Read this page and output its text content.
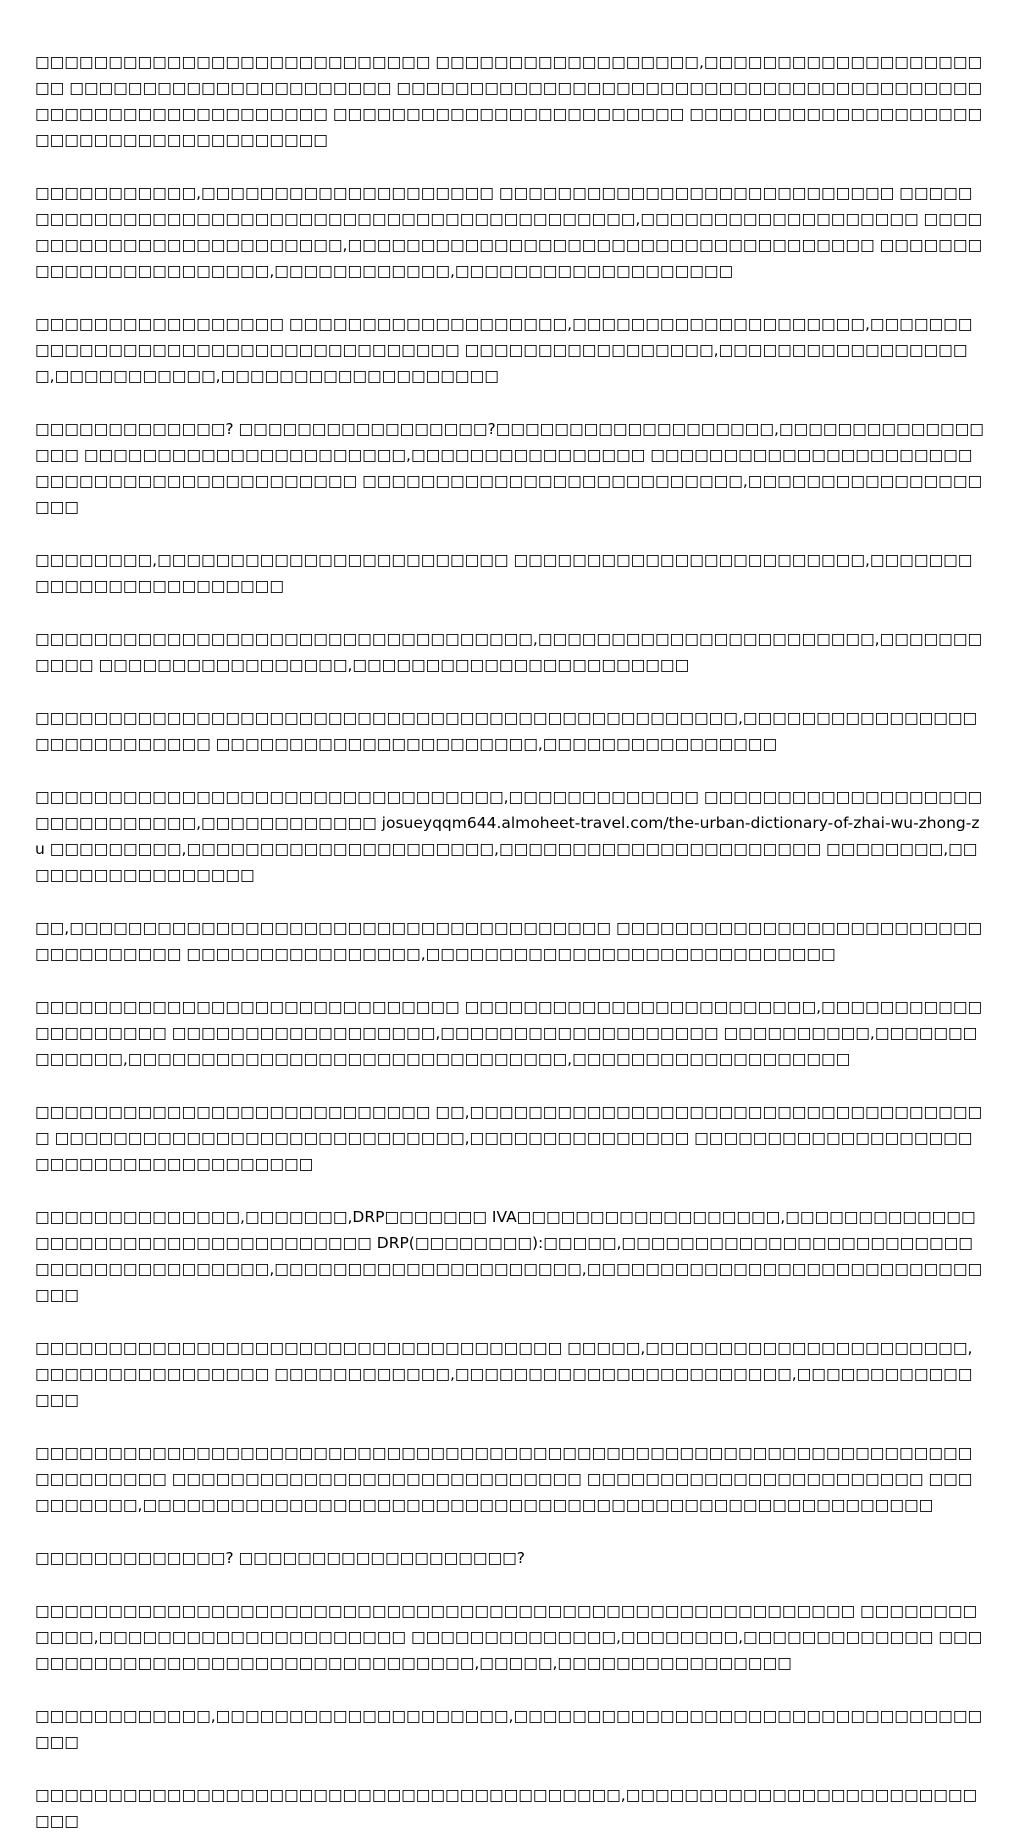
□□□□□□□□□□□□□□□□□□□□□□□□□□□ □□□□□□□□□□□□□□□□□□,□□□□□□□□□□□□□□□□□□□□□ □□□□□□□□□□□□□□□□□□□□□□ □□□□□□□□□□□□□□□□□□□□□□□□□□□□□□□□□□□□□□□□□□□□□□□□□□□□□□□□□□□□ □□□□□□□□□□□□□□□□□□□□□□□□ □□□□□□□□□□□□□□□□□□□□□□□□□□□□□□□□□□□□□□□□

□□□□□□□□□□□,□□□□□□□□□□□□□□□□□□□□ □□□□□□□□□□□□□□□□□□□□□□□□□□□ □□□□□□□□□□□□□□□□□□□□□□□□□□□□□□□□□□□□□□□□□□□□□□,□□□□□□□□□□□□□□□□□□□ □□□□□□□□□□□□□□□□□□□□□□□□□,□□□□□□□□□□□□□□□□□□□□□□□□□□□□□□□□□□□□ □□□□□□□□□□□□□□□□□□□□□□□,□□□□□□□□□□□□,□□□□□□□□□□□□□□□□□□□

□□□□□□□□□□□□□□□□□ □□□□□□□□□□□□□□□□□□□,□□□□□□□□□□□□□□□□□□□□,□□□□□□□□□□□□□□□□□□□□□□□□□□□□□□□□□□□□ □□□□□□□□□□□□□□□□□,□□□□□□□□□□□□□□□□□□,□□□□□□□□□□□,□□□□□□□□□□□□□□□□□□□

□□□□□□□□□□□□□? □□□□□□□□□□□□□□□□□?□□□□□□□□□□□□□□□□□□□,□□□□□□□□□□□□□□□□□ □□□□□□□□□□□□□□□□□□□□□□,□□□□□□□□□□□□□□□□ □□□□□□□□□□□□□□□□□□□□□□□□□□□□□□□□□□□□□□□□□□□□ □□□□□□□□□□□□□□□□□□□□□□□□□□,□□□□□□□□□□□□□□□□□□□

□□□□□□□□,□□□□□□□□□□□□□□□□□□□□□□□□ □□□□□□□□□□□□□□□□□□□□□□□□,□□□□□□□□□□□□□□□□□□□□□□□□

□□□□□□□□□□□□□□□□□□□□□□□□□□□□□□□□□□,□□□□□□□□□□□□□□□□□□□□□□□,□□□□□□□□□□□ □□□□□□□□□□□□□□□□□,□□□□□□□□□□□□□□□□□□□□□□□

□□□□□□□□□□□□□□□□□□□□□□□□□□□□□□□□□□□□□□□□□□□□□□□□,□□□□□□□□□□□□□□□□□□□□□□□□□□□□ □□□□□□□□□□□□□□□□□□□□□□,□□□□□□□□□□□□□□□□

□□□□□□□□□□□□□□□□□□□□□□□□□□□□□□□□,□□□□□□□□□□□□□ □□□□□□□□□□□□□□□□□□□□□□□□□□□□□□,□□□□□□□□□□□□ josueyqqm644.almoheet-travel.com/the-urban-dictionary-of-zhai-wu-zhong-zu □□□□□□□□□,□□□□□□□□□□□□□□□□□□□□□,□□□□□□□□□□□□□□□□□□□□□□ □□□□□□□□,□□□□□□□□□□□□□□□□□

□□,□□□□□□□□□□□□□□□□□□□□□□□□□□□□□□□□□□□□□ □□□□□□□□□□□□□□□□□□□□□□□□□□□□□□□□□□□ □□□□□□□□□□□□□□□□,□□□□□□□□□□□□□□□□□□□□□□□□□□□□

□□□□□□□□□□□□□□□□□□□□□□□□□□□□□ □□□□□□□□□□□□□□□□□□□□□□□□,□□□□□□□□□□□□□□□□□□□□ □□□□□□□□□□□□□□□□□□,□□□□□□□□□□□□□□□□□□□ □□□□□□□□□□,□□□□□□□□□□□□□,□□□□□□□□□□□□□□□□□□□□□□□□□□□□□□,□□□□□□□□□□□□□□□□□□□

□□□□□□□□□□□□□□□□□□□□□□□□□□□ □□,□□□□□□□□□□□□□□□□□□□□□□□□□□□□□□□□□□□□ □□□□□□□□□□□□□□□□□□□□□□□□□□□□,□□□□□□□□□□□□□□□ □□□□□□□□□□□□□□□□□□□□□□□□□□□□□□□□□□□□□□

□□□□□□□□□□□□□□,□□□□□□□,DRP□□□□□□□ IVA□□□□□□□□□□□□□□□□□□,□□□□□□□□□□□□□□□□□□□□□□□□□□□□□□□□□□□□ DRP(□□□□□□□□):□□□□□,□□□□□□□□□□□□□□□□□□□□□□□□ □□□□□□□□□□□□□□□□,□□□□□□□□□□□□□□□□□□□□□,□□□□□□□□□□□□□□□□□□□□□□□□□□□□□□

□□□□□□□□□□□□□□□□□□□□□□□□□□□□□□□□□□□□ □□□□□,□□□□□□□□□□□□□□□□□□□□□□,□□□□□□□□□□□□□□□□ □□□□□□□□□□□□,□□□□□□□□□□□□□□□□□□□□□□□,□□□□□□□□□□□□□□□

□□□□□□□□□□□□□□□□□□□□□□□□□□□□□□□□□□□□□□□□□□□□□□□□□□□□□□□□□□□□□□□□□□□□□□□□□ □□□□□□□□□□□□□□□□□□□□□□□□□□□□ □□□□□□□□□□□□□□□□□□□□□□□ □□□□□□□□□□,□□□□□□□□□□□□□□□□□□□□□□□□□□□□□□□□□□□□□□□□□□□□□□□□□□□□□□

□□□□□□□□□□□□□? □□□□□□□□□□□□□□□□□□□?

□□□□□□□□□□□□□□□□□□□□□□□□□□□□□□□□□□□□□□□□□□□□□□□□□□□□□□□□ □□□□□□□□□□□□,□□□□□□□□□□□□□□□□□□□□□ □□□□□□□□□□□□□□,□□□□□□□□,□□□□□□□□□□□□□ □□□□□□□□□□□□□□□□□□□□□□□□□□□□□□□□□,□□□□□,□□□□□□□□□□□□□□□□

□□□□□□□□□□□□,□□□□□□□□□□□□□□□□□□□□,□□□□□□□□□□□□□□□□□□□□□□□□□□□□□□□□□□□

□□□□□□□□□□□□□□□□□□□□□□□□□□□□□□□□□□□□□□□□,□□□□□□□□□□□□□□□□□□□□□□□□□□□
